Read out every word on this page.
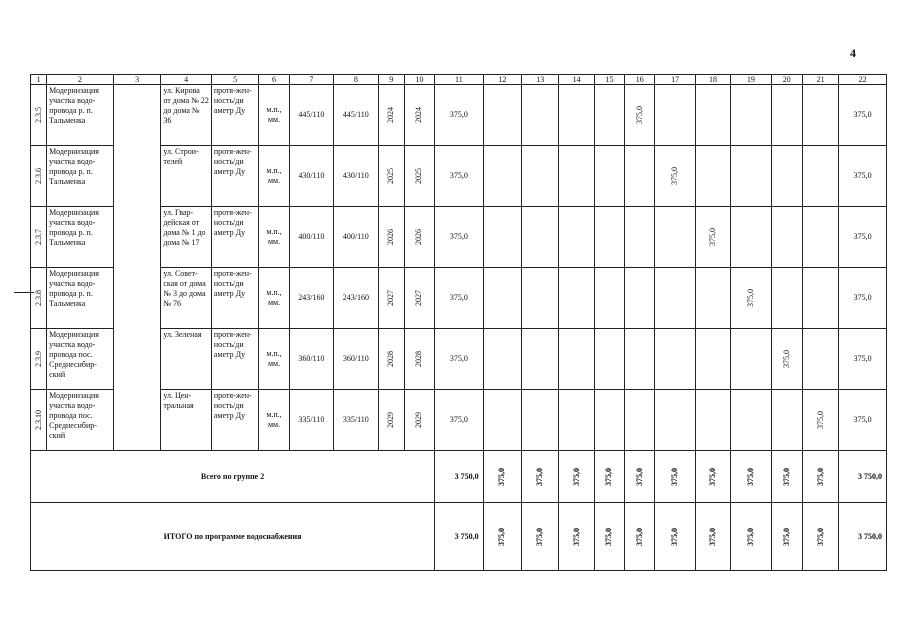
4
1	2	3	4	5	6	7	8	9	10	11	12	13	14	15	16	17	18	19	20	21	22

2.3.5	Модернизация участка водо-провода р. п. Тальменка		ул. Кирова от дома № 22 до дома № 36	протя-жен-ность/ди аметр Ду	м.п., мм.	445/110	445/110	2024	2024	375,0					375,0						375,0

2.3.6	Модернизация участка водо-провода р. п. Тальменка		ул. Строи-телей	протя-жен-ность/ди аметр Ду	м.п., мм.	430/110	430/110	2025	2025	375,0						375,0					375,0

2.3.7	Модернизация участка водо-провода р. п. Тальменка		ул. Гвар-дейская от дома № 1 до дома № 17	протя-жен-ность/ди аметр Ду	м.п., мм.	400/110	400/110	2026	2026	375,0							375,0				375,0

2.3.8	Модернизация участка водо-провода р. п. Тальменка		ул. Совет-ская от дома № 3 до дома № 76	протя-жен-ность/ди аметр Ду	м.п., мм.	243/160	243/160	2027	2027	375,0								375,0			375,0

2.3.9	Модернизация участка водо-провода пос. Среднесибир-ский		ул. Зеленая	протя-жен-ность/ди аметр Ду	м.п., мм.	360/110	360/110	2028	2028	375,0									375,0		375,0

2.3.10	Модернизация участка водо-провода пос. Среднесибир-ский		ул. Цен-тральная	протя-жен-ность/ди аметр Ду	м.п., мм.	335/110	335/110	2029	2029	375,0										375,0	375,0
Всего по группе 2										3 750,0	375,0	375,0	375,0	375,0	375,0	375,0	375,0	375,0	375,0	375,0	3 750,0
ИТОГО по программе водоснабжения										3 750,0	375,0	375,0	375,0	375,0	375,0	375,0	375,0	375,0	375,0	375,0	3 750,0
